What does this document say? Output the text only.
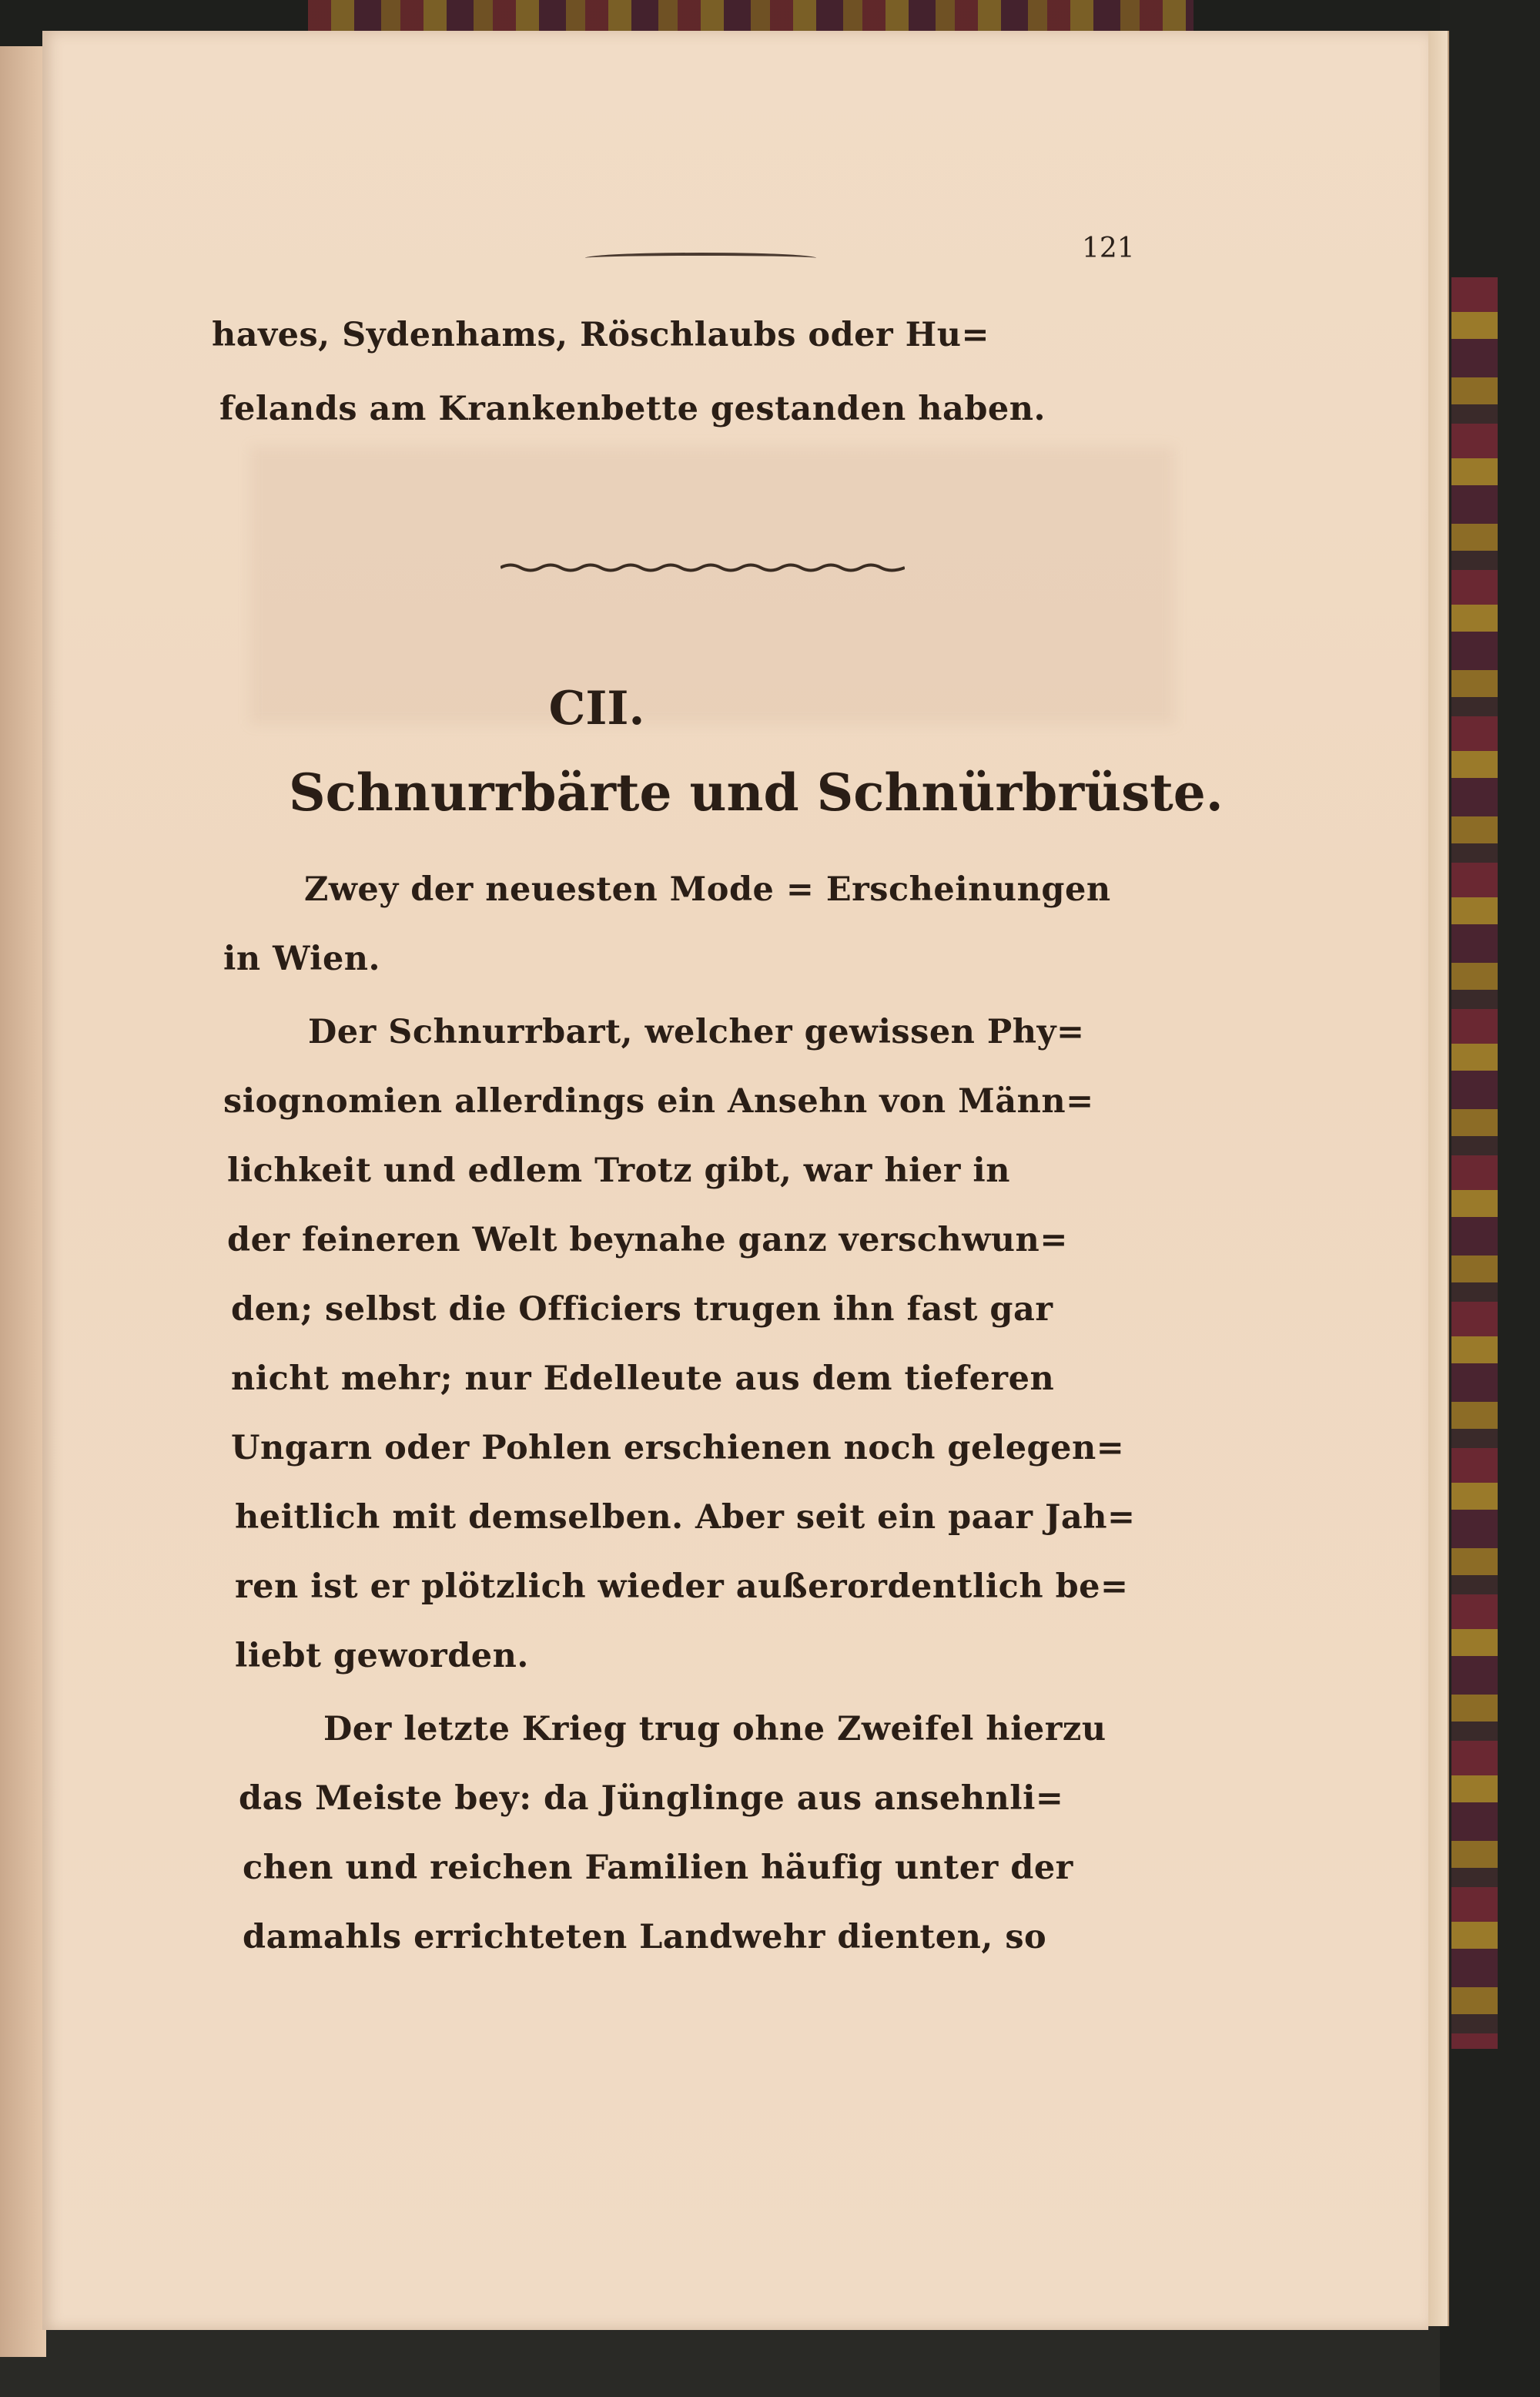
121
haves, Sydenhams, Röschlaubs oder Hu=
felands am Krankenbette gestanden haben.
CII.
Schnurrbärte und Schnürbrüste.
Zwey der neuesten Mode = Erscheinungen
in Wien.
Der Schnurrbart, welcher gewissen Phy=
siognomien allerdings ein Ansehn von Männ=
lichkeit und edlem Trotz gibt, war hier in
der feineren Welt beynahe ganz verschwun=
den; selbst die Officiers trugen ihn fast gar
nicht mehr; nur Edelleute aus dem tieferen
Ungarn oder Pohlen erschienen noch gelegen=
heitlich mit demselben. Aber seit ein paar Jah=
ren ist er plötzlich wieder außerordentlich be=
liebt geworden.
Der letzte Krieg trug ohne Zweifel hierzu
das Meiste bey: da Jünglinge aus ansehnli=
chen und reichen Familien häufig unter der
damahls errichteten Landwehr dienten, so
